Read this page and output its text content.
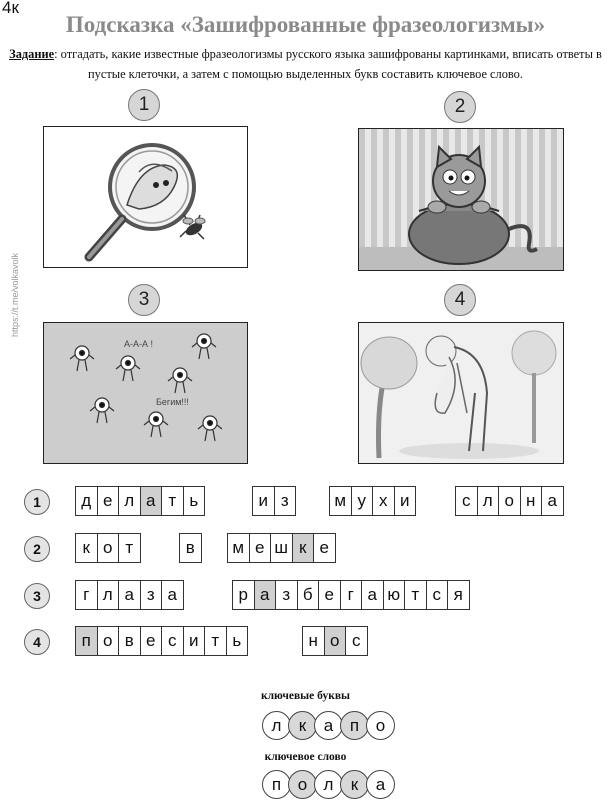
4к
Подсказка «Зашифрованные фразеологизмы»
Задание: отгадать, какие известные фразеологизмы русского языка зашифрованы картинками, вписать ответы в пустые клеточки, а затем с помощью выделенных букв составить ключевое слово.
https://t.me/volkavolk
1	2
3	4
А-А-А !
Бегим!!!
1	д е л а т ь	и з	м у х и	с л о н а
2	к о т	в	м е ш к е
3	г л а з а	р а з б е г а ю т с я
4	п о в е с и т ь	н о с
ключевые буквы
л	к	а п о
ключевое слово
п о л	к	а
